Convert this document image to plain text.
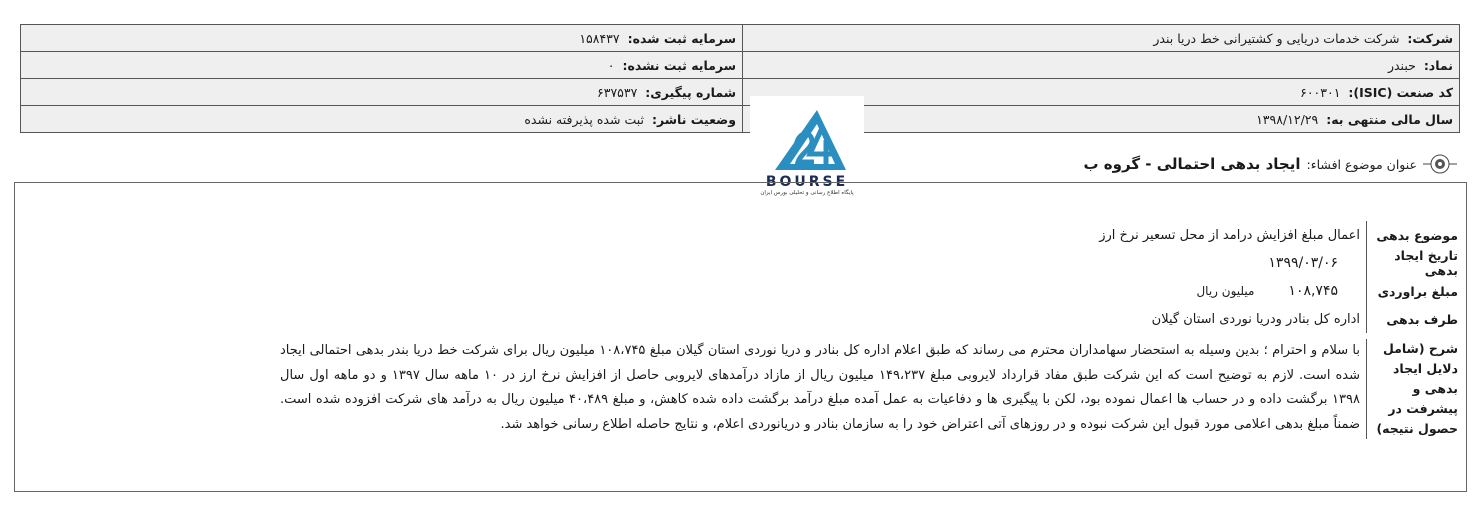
سرمایه ثبت شده: ۱۵۸۴۳۷	شرکت: شرکت خدمات دریایی و کشتیرانی خط دریا بندر
سرمایه ثبت نشده: ۰	نماد: حبندر
شماره پیگیری: ۶۳۷۵۳۷	کد صنعت (ISIC): ۶۰۰۳۰۱
وضعیت ناشر: ثبت شده پذیرفته نشده	سال مالی منتهی به: ۱۳۹۸/۱۲/۲۹
BOURSE
پایگاه اطلاع رسانی و تحلیلی بورس ایران
عنوان موضوع افشاء:
ایجاد بدهی احتمالی - گروه ب
موضوع بدهی
اعمال مبلغ افزایش درامد از محل تسعیر نرخ ارز
تاریخ ایجاد بدهی
۱۳۹۹/۰۳/۰۶
مبلغ براوردی
۱۰۸,۷۴۵
میلیون ریال
طرف بدهی
اداره کل بنادر ودریا نوردی استان گیلان
شرح (شامل دلایل ایجاد بدهی و پیشرفت در حصول نتیجه)
با سلام و احترام ؛ بدین وسیله به استحضار سهامداران محترم می رساند که طبق اعلام اداره کل بنادر و دریا نوردی استان گیلان مبلغ ۱۰۸،۷۴۵ میلیون ریال برای شرکت خط دریا بندر بدهی احتمالی ایجاد شده است. لازم به توضیح است که این شرکت طبق مفاد قرارداد لایروبی مبلغ ۱۴۹،۲۳۷ میلیون ریال از مازاد درآمدهای لایروبی حاصل از افزایش نرخ ارز در ۱۰ ماهه سال ۱۳۹۷ و دو ماهه اول سال ۱۳۹۸ برگشت داده و در حساب ها اعمال نموده بود، لکن با پیگیری ها و دفاعیات به عمل آمده مبلغ درآمد برگشت داده شده کاهش، و مبلغ ۴۰،۴۸۹ میلیون ریال به درآمد های شرکت افزوده شده است. ضمناً مبلغ بدهی اعلامی مورد قبول این شرکت نبوده و در روزهای آتی اعتراض خود را به سازمان بنادر و دریانوردی اعلام، و نتایج حاصله اطلاع رسانی خواهد شد.
